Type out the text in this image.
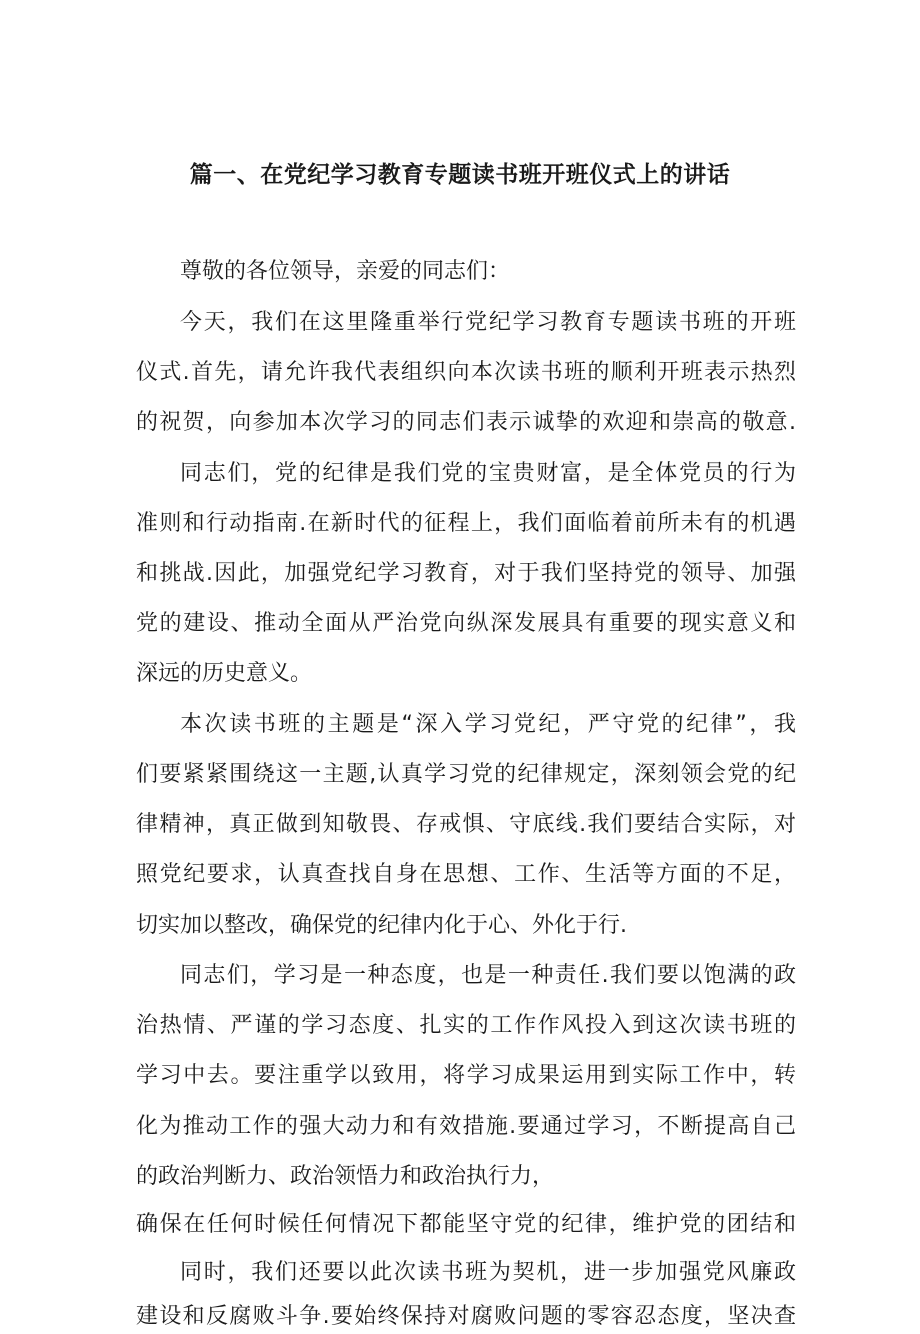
篇一、在党纪学习教育专题读书班开班仪式上的讲话
尊敬的各位领导，亲爱的同志们：
今天，我们在这里隆重举行党纪学习教育专题读书班的开班
仪式.首先，请允许我代表组织向本次读书班的顺利开班表示热烈
的祝贺，向参加本次学习的同志们表示诚挚的欢迎和崇高的敬意.
同志们，党的纪律是我们党的宝贵财富，是全体党员的行为
准则和行动指南.在新时代的征程上，我们面临着前所未有的机遇
和挑战.因此，加强党纪学习教育，对于我们坚持党的领导、加强
党的建设、推动全面从严治党向纵深发展具有重要的现实意义和
深远的历史意义。
本次读书班的主题是“深入学习党纪，严守党的纪律”，我
们要紧紧围绕这一主题,认真学习党的纪律规定，深刻领会党的纪
律精神，真正做到知敬畏、存戒惧、守底线.我们要结合实际，对
照党纪要求，认真查找自身在思想、工作、生活等方面的不足，
切实加以整改，确保党的纪律内化于心、外化于行.
同志们，学习是一种态度，也是一种责任.我们要以饱满的政
治热情、严谨的学习态度、扎实的工作作风投入到这次读书班的
学习中去。要注重学以致用，将学习成果运用到实际工作中，转
化为推动工作的强大动力和有效措施.要通过学习，不断提高自己
的政治判断力、政治领悟力和政治执行力，
确保在任何时候任何情况下都能坚守党的纪律，维护党的团结和
同时，我们还要以此次读书班为契机，进一步加强党风廉政
建设和反腐败斗争.要始终保持对腐败问题的零容忍态度，坚决查
